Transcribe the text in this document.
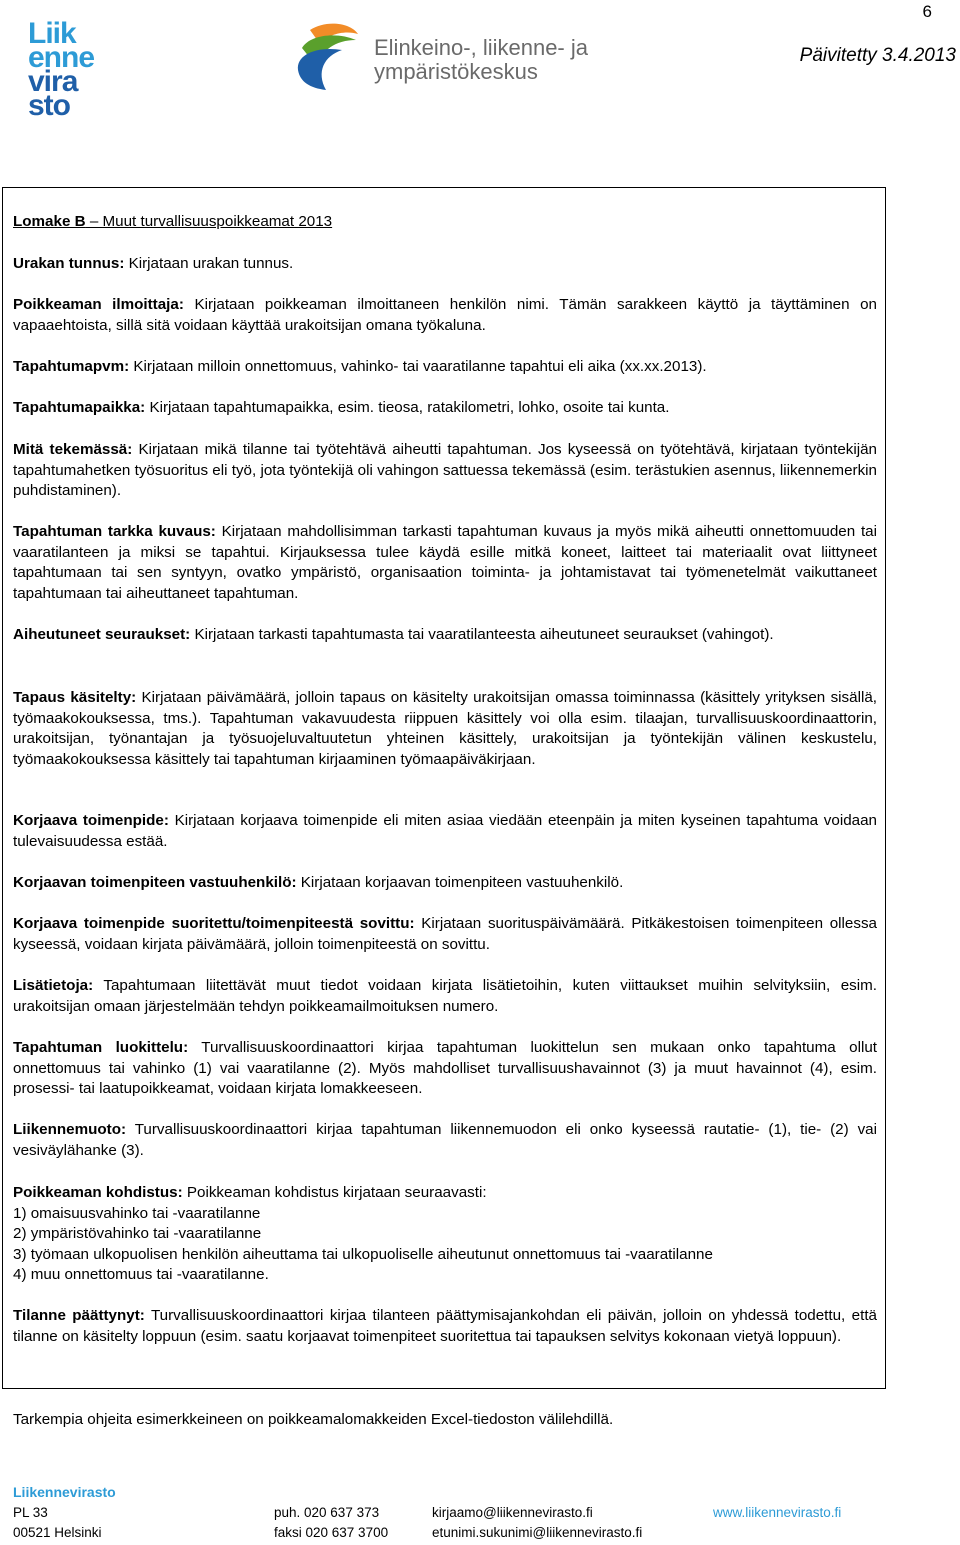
6
Päivitetty 3.4.2013
Liik
enne
vira
sto
Elinkeino-, liikenne- ja
ympäristökeskus

Lomake B – Muut turvallisuuspoikkeamat 2013

Urakan tunnus: Kirjataan urakan tunnus.

Poikkeaman ilmoittaja: Kirjataan poikkeaman ilmoittaneen henkilön nimi. Tämän sarakkeen käyttö ja täyttäminen on vapaaehtoista, sillä sitä voidaan käyttää urakoitsijan omana työkaluna.

Tapahtumapvm: Kirjataan milloin onnettomuus, vahinko- tai vaaratilanne tapahtui eli aika (xx.xx.2013).

Tapahtumapaikka: Kirjataan tapahtumapaikka, esim. tieosa, ratakilometri, lohko, osoite tai kunta.

Mitä tekemässä: Kirjataan mikä tilanne tai työtehtävä aiheutti tapahtuman. Jos kyseessä on työtehtävä, kirjataan työntekijän tapahtumahetken työsuoritus eli työ, jota työntekijä oli vahingon sattuessa tekemässä (esim. terästukien asennus, liikennemerkin puhdistaminen).

Tapahtuman tarkka kuvaus: Kirjataan mahdollisimman tarkasti tapahtuman kuvaus ja myös mikä aiheutti onnettomuuden tai vaaratilanteen ja miksi se tapahtui. Kirjauksessa tulee käydä esille mitkä koneet, laitteet tai materiaalit ovat liittyneet tapahtumaan tai sen syntyyn, ovatko ympäristö, organisaation toiminta- ja johtamistavat tai työmenetelmät vaikuttaneet tapahtumaan tai aiheuttaneet tapahtuman.

Aiheutuneet seuraukset: Kirjataan tarkasti tapahtumasta tai vaaratilanteesta aiheutuneet seuraukset (vahingot).

Tapaus käsitelty: Kirjataan päivämäärä, jolloin tapaus on käsitelty urakoitsijan omassa toiminnassa (käsittely yrityksen sisällä, työmaakokouksessa, tms.). Tapahtuman vakavuudesta riippuen käsittely voi olla esim. tilaajan, turvallisuuskoordinaattorin, urakoitsijan, työnantajan ja työsuojeluvaltuutetun yhteinen käsittely, urakoitsijan ja työntekijän välinen keskustelu, työmaakokouksessa käsittely tai tapahtuman kirjaaminen työmaapäiväkirjaan.

Korjaava toimenpide: Kirjataan korjaava toimenpide eli miten asiaa viedään eteenpäin ja miten kyseinen tapahtuma voidaan tulevaisuudessa estää.

Korjaavan toimenpiteen vastuuhenkilö: Kirjataan korjaavan toimenpiteen vastuuhenkilö.

Korjaava toimenpide suoritettu/toimenpiteestä sovittu: Kirjataan suorituspäivämäärä. Pitkäkestoisen toimenpiteen ollessa kyseessä, voidaan kirjata päivämäärä, jolloin toimenpiteestä on sovittu.

Lisätietoja: Tapahtumaan liitettävät muut tiedot voidaan kirjata lisätietoihin, kuten viittaukset muihin selvityksiin, esim. urakoitsijan omaan järjestelmään tehdyn poikkeamailmoituksen numero.

Tapahtuman luokittelu: Turvallisuuskoordinaattori kirjaa tapahtuman luokittelun sen mukaan onko tapahtuma ollut onnettomuus tai vahinko (1) vai vaaratilanne (2). Myös mahdolliset turvallisuushavainnot (3) ja muut havainnot (4), esim. prosessi- tai laatupoikkeamat, voidaan kirjata lomakkeeseen.

Liikennemuoto: Turvallisuuskoordinaattori kirjaa tapahtuman liikennemuodon eli onko kyseessä rautatie- (1), tie- (2) vai vesiväylähanke (3).

Poikkeaman kohdistus: Poikkeaman kohdistus kirjataan seuraavasti:
1) omaisuusvahinko tai -vaaratilanne
2) ympäristövahinko tai -vaaratilanne
3) työmaan ulkopuolisen henkilön aiheuttama tai ulkopuoliselle aiheutunut onnettomuus tai -vaaratilanne
4) muu onnettomuus tai -vaaratilanne.

Tilanne päättynyt: Turvallisuuskoordinaattori kirjaa tilanteen päättymisajankohdan eli päivän, jolloin on yhdessä todettu, että tilanne on käsitelty loppuun (esim. saatu korjaavat toimenpiteet suoritettua tai tapauksen selvitys kokonaan vietyä loppuun).

Tarkempia ohjeita esimerkkeineen on poikkeamalomakkeiden Excel-tiedoston välilehdillä.
Liikennevirasto
PL 33
00521 Helsinki
puh. 020 637 373
faksi 020 637 3700
kirjaamo@liikennevirasto.fi
etunimi.sukunimi@liikennevirasto.fi
www.liikennevirasto.fi
